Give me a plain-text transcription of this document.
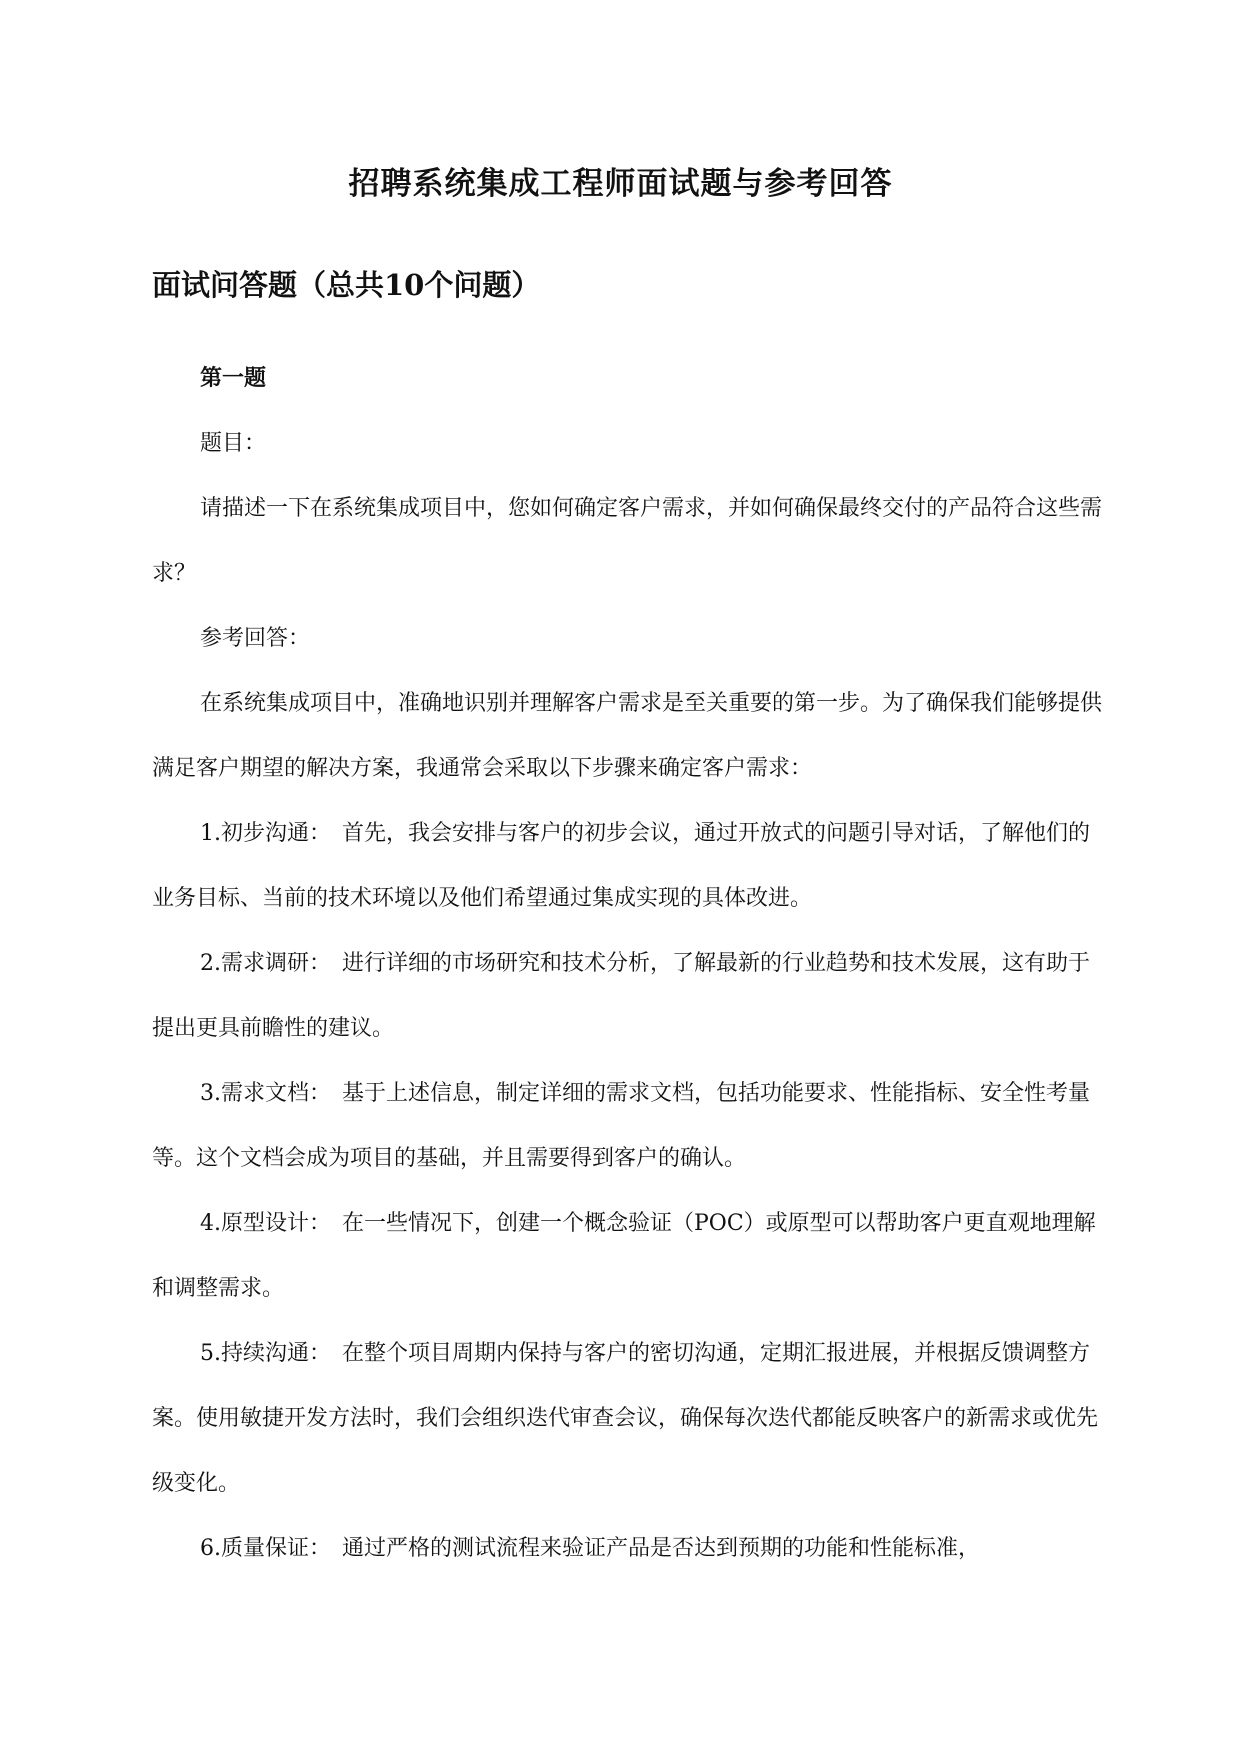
招聘系统集成工程师面试题与参考回答
面试问答题（总共10个问题）

第一题

题目：

请描述一下在系统集成项目中，您如何确定客户需求，并如何确保最终交付的产品符合这些需求？

参考回答：

在系统集成项目中，准确地识别并理解客户需求是至关重要的第一步。为了确保我们能够提供满足客户期望的解决方案，我通常会采取以下步骤来确定客户需求：

1.初步沟通：　首先，我会安排与客户的初步会议，通过开放式的问题引导对话，了解他们的业务目标、当前的技术环境以及他们希望通过集成实现的具体改进。

2.需求调研：　进行详细的市场研究和技术分析，了解最新的行业趋势和技术发展，这有助于提出更具前瞻性的建议。

3.需求文档：　基于上述信息，制定详细的需求文档，包括功能要求、性能指标、安全性考量等。这个文档会成为项目的基础，并且需要得到客户的确认。

4.原型设计：　在一些情况下，创建一个概念验证（POC）或原型可以帮助客户更直观地理解和调整需求。

5.持续沟通：　在整个项目周期内保持与客户的密切沟通，定期汇报进展，并根据反馈调整方案。使用敏捷开发方法时，我们会组织迭代审查会议，确保每次迭代都能反映客户的新需求或优先级变化。

6.质量保证：　通过严格的测试流程来验证产品是否达到预期的功能和性能标准，
